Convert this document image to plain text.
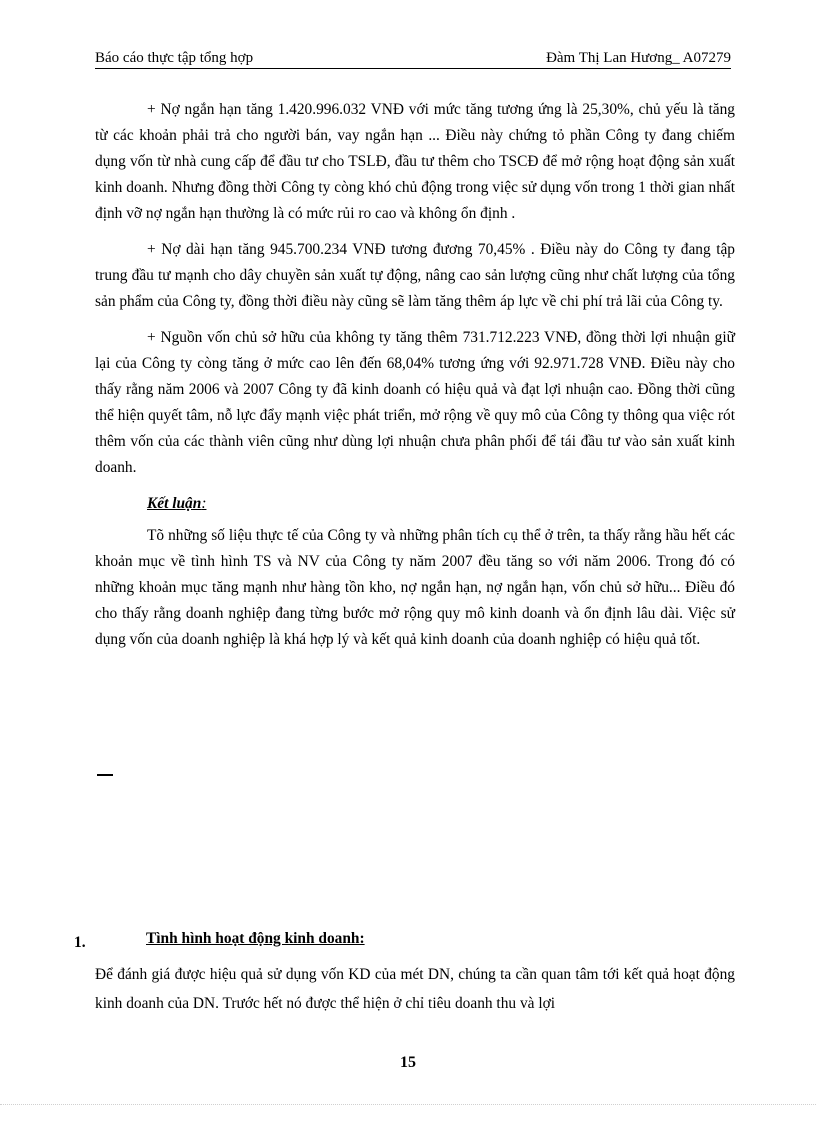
Báo cáo thực tập tổng hợp	Đàm Thị Lan Hương_ A07279

+ Nợ ngắn hạn tăng 1.420.996.032 VNĐ với mức tăng tương ứng là 25,30%, chủ yếu là tăng từ các khoản phải trả cho người bán, vay ngắn hạn ... Điều này chứng tỏ phần Công ty đang chiếm dụng vốn từ nhà cung cấp để đầu tư cho TSLĐ, đầu tư thêm cho TSCĐ để mở rộng hoạt động sản xuất kinh doanh. Nhưng đồng thời Công ty còng khó chủ động trong việc sử dụng vốn trong 1 thời gian nhất định vỡ nợ ngắn hạn thường là có mức rủi ro cao và không ổn định .

+ Nợ dài hạn tăng 945.700.234 VNĐ tương đương 70,45% . Điều này do Công ty đang tập trung đầu tư mạnh cho dây chuyền sản xuất tự động, nâng cao sản lượng cũng như chất lượng của tổng sản phẩm của Công ty, đồng thời điều này cũng sẽ làm tăng thêm áp lực về chi phí trả lãi của Công ty.

+ Nguồn vốn chủ sở hữu của không ty tăng thêm 731.712.223 VNĐ, đồng thời lợi nhuận giữ lại của Công ty còng tăng ở mức cao lên đến 68,04% tương ứng với 92.971.728 VNĐ. Điều này cho thấy rằng năm 2006 và 2007 Công ty đã kinh doanh có hiệu quả và đạt lợi nhuận cao. Đồng thời cũng thể hiện quyết tâm, nỗ lực đẩy mạnh việc phát triển, mở rộng về quy mô của Công ty thông qua việc rót thêm vốn của các thành viên cũng như dùng lợi nhuận chưa phân phối để tái đầu tư vào sản xuất kinh doanh.

Kết luận:

Tõ những số liệu thực tế của Công ty và những phân tích cụ thể ở trên, ta thấy rằng hầu hết các khoản mục về tình hình TS và NV của Công ty năm 2007 đều tăng so với năm 2006. Trong đó có những khoản mục tăng mạnh như hàng tồn kho, nợ ngắn hạn, nợ ngắn hạn, vốn chủ sở hữu... Điều đó cho thấy rằng doanh nghiệp đang từng bước mở rộng quy mô kinh doanh và ổn định lâu dài. Việc sử dụng vốn của doanh nghiệp là khá hợp lý và kết quả kinh doanh của doanh nghiệp có hiệu quả tốt.

1.	Tình hình hoạt động kinh doanh:
Để đánh giá được hiệu quả sử dụng vốn KD của mét DN, chúng ta cần quan tâm tới kết quả hoạt động kinh doanh của DN. Trước hết nó được thể hiện ở chỉ tiêu doanh thu và lợi
15
